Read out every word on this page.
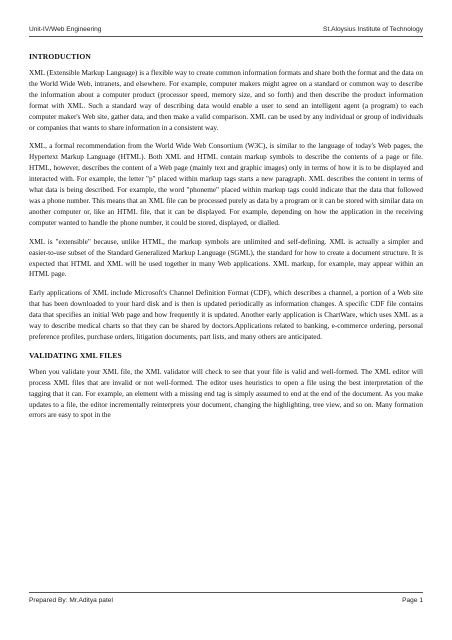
Unit-IV/Web Engineering	St.Aloysius Institute of Technology
INTRODUCTION

XML (Extensible Markup Language) is a flexible way to create common information formats and share both the format and the data on the World Wide Web, intranets, and elsewhere. For example, computer makers might agree on a standard or common way to describe the information about a computer product (processor speed, memory size, and so forth) and then describe the product information format with XML. Such a standard way of describing data would enable a user to send an intelligent agent (a program) to each computer maker's Web site, gather data, and then make a valid comparison. XML can be used by any individual or group of individuals or companies that wants to share information in a consistent way.

XML, a formal recommendation from the World Wide Web Consortium (W3C), is similar to the language of today's Web pages, the Hypertext Markup Language (HTML). Both XML and HTML contain markup symbols to describe the contents of a page or file. HTML, however, describes the content of a Web page (mainly text and graphic images) only in terms of how it is to be displayed and interacted with. For example, the letter "p" placed within markup tags starts a new paragraph. XML describes the content in terms of what data is being described. For example, the word "phoneme" placed within markup tags could indicate that the data that followed was a phone number. This means that an XML file can be processed purely as data by a program or it can be stored with similar data on another computer or, like an HTML file, that it can be displayed. For example, depending on how the application in the receiving computer wanted to handle the phone number, it could be stored, displayed, or dialled.

XML is "extensible" because, unlike HTML, the markup symbols are unlimited and self-defining. XML is actually a simpler and easier-to-use subset of the Standard Generalized Markup Language (SGML), the standard for how to create a document structure. It is expected that HTML and XML will be used together in many Web applications. XML markup, for example, may appear within an HTML page.

Early applications of XML include Microsoft's Channel Definition Format (CDF), which describes a channel, a portion of a Web site that has been downloaded to your hard disk and is then is updated periodically as information changes. A specific CDF file contains data that specifies an initial Web page and how frequently it is updated. Another early application is ChartWare, which uses XML as a way to describe medical charts so that they can be shared by doctors.Applications related to banking, e-commerce ordering, personal preference profiles, purchase orders, litigation documents, part lists, and many others are anticipated.

VALIDATING XML FILES

When you validate your XML file, the XML validator will check to see that your file is valid and well-formed. The XML editor will process XML files that are invalid or not well-formed. The editor uses heuristics to open a file using the best interpretation of the tagging that it can. For example, an element with a missing end tag is simply assumed to end at the end of the document. As you make updates to a file, the editor incrementally reinterprets your document, changing the highlighting, tree view, and so on. Many formation errors are easy to spot in the

Prepared By: Mr.Aditya patel	Page 1
